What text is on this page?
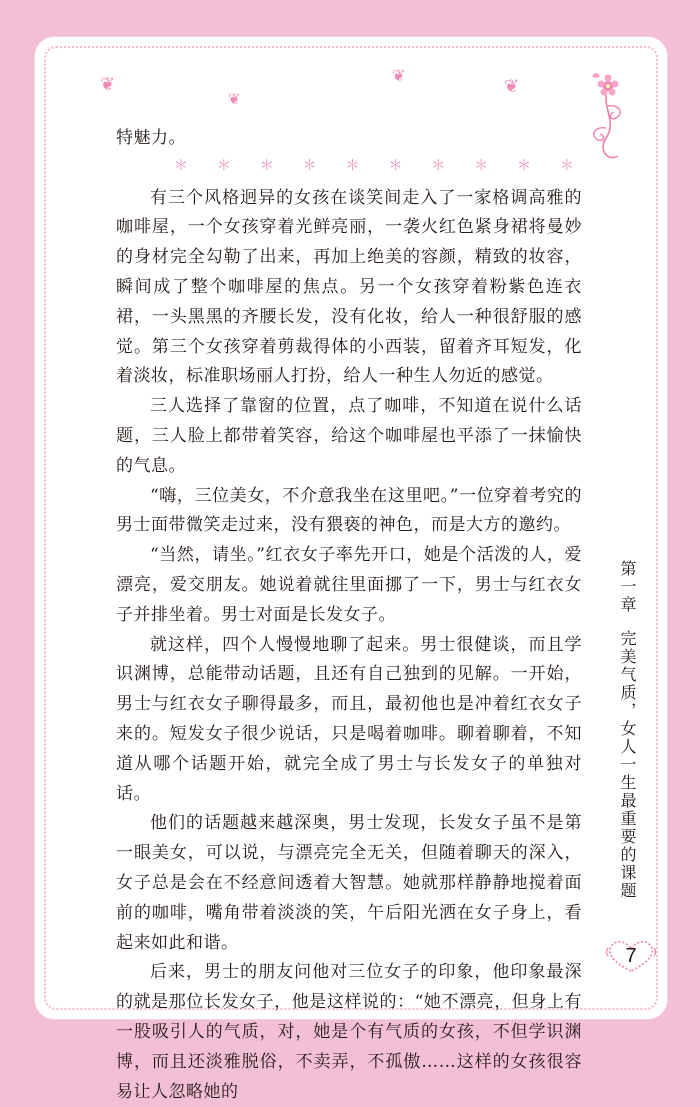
❦
❦
❦
❦
＊ ＊ ＊ ＊ ＊ ＊ ＊ ＊ ＊ ＊

特魅力。

有三个风格迥异的女孩在谈笑间走入了一家格调高雅的咖啡屋，一个女孩穿着光鲜亮丽，一袭火红色紧身裙将曼妙的身材完全勾勒了出来，再加上绝美的容颜，精致的妆容，瞬间成了整个咖啡屋的焦点。另一个女孩穿着粉紫色连衣裙，一头黑黑的齐腰长发，没有化妆，给人一种很舒服的感觉。第三个女孩穿着剪裁得体的小西装，留着齐耳短发，化着淡妆，标准职场丽人打扮，给人一种生人勿近的感觉。

三人选择了靠窗的位置，点了咖啡，不知道在说什么话题，三人脸上都带着笑容，给这个咖啡屋也平添了一抹愉快的气息。

“嗨，三位美女，不介意我坐在这里吧。”一位穿着考究的男士面带微笑走过来，没有猥亵的神色，而是大方的邀约。

“当然，请坐。”红衣女子率先开口，她是个活泼的人，爱漂亮，爱交朋友。她说着就往里面挪了一下，男士与红衣女子并排坐着。男士对面是长发女子。

就这样，四个人慢慢地聊了起来。男士很健谈，而且学识渊博，总能带动话题，且还有自己独到的见解。一开始，男士与红衣女子聊得最多，而且，最初他也是冲着红衣女子来的。短发女子很少说话，只是喝着咖啡。聊着聊着，不知道从哪个话题开始，就完全成了男士与长发女子的单独对话。

他们的话题越来越深奥，男士发现，长发女子虽不是第一眼美女，可以说，与漂亮完全无关，但随着聊天的深入，女子总是会在不经意间透着大智慧。她就那样静静地搅着面前的咖啡，嘴角带着淡淡的笑，午后阳光洒在女子身上，看起来如此和谐。

后来，男士的朋友问他对三位女子的印象，他印象最深的就是那位长发女子，他是这样说的：“她不漂亮，但身上有一股吸引人的气质，对，她是个有气质的女孩，不但学识渊博，而且还淡雅脱俗，不卖弄，不孤傲……这样的女孩很容易让人忽略她的

第一章完美气质，女人一生最重要的课题
7
